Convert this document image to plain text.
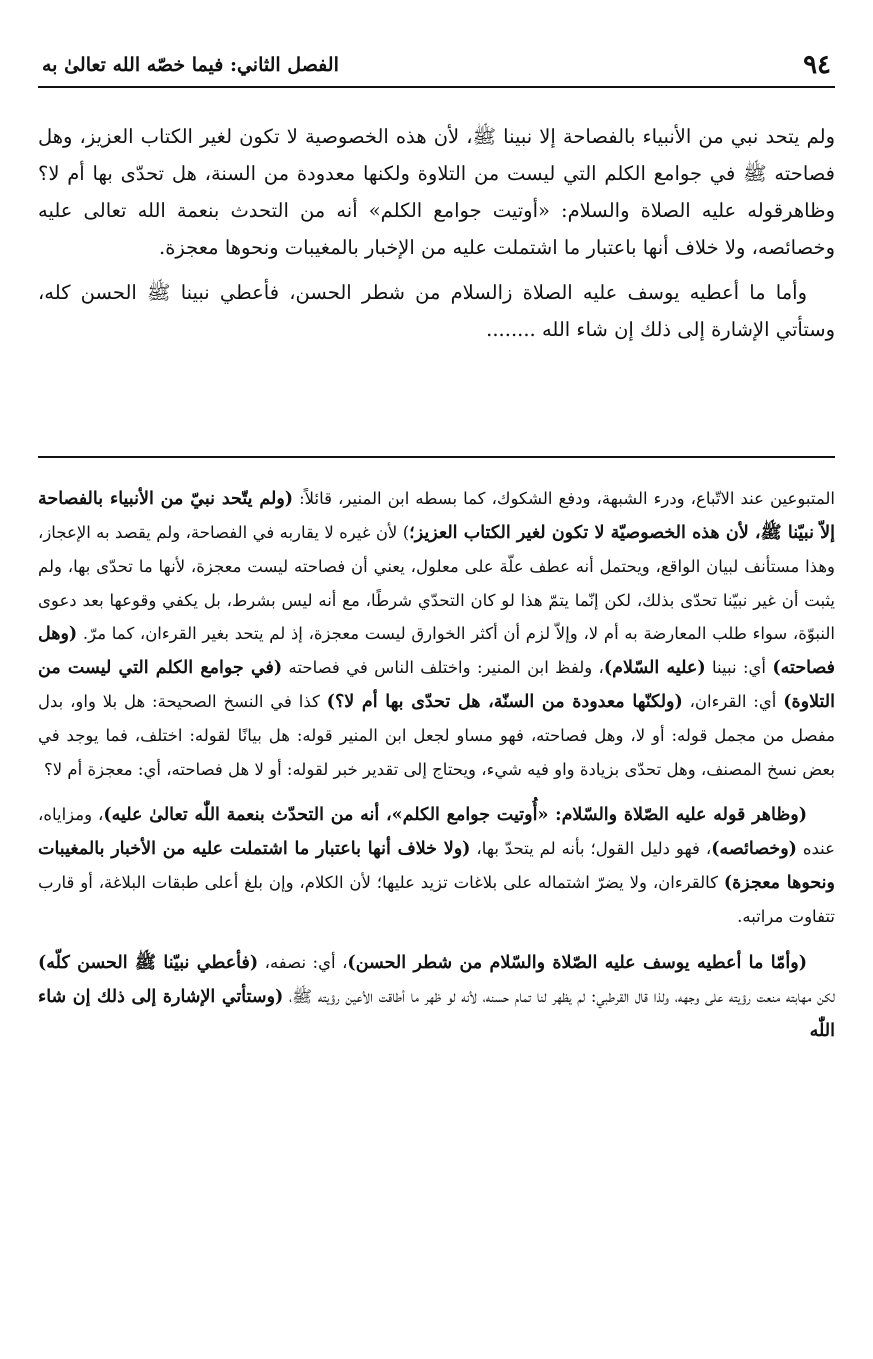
٩٤
الفصل الثاني: فيما خصّه الله تعالىٰ به

ولم يتحد نبي من الأنبياء بالفصاحة إلا نبينا ﷺ، لأن هذه الخصوصية لا تكون لغير الكتاب العزيز، وهل فصاحته ﷺ في جوامع الكلم التي ليست من التلاوة ولكنها معدودة من السنة، هل تحدّى بها أم لا؟ وظاهرقوله عليه الصلاة والسلام: «أوتيت جوامع الكلم» أنه من التحدث بنعمة الله تعالى عليه وخصائصه، ولا خلاف أنها باعتبار ما اشتملت عليه من الإخبار بالمغيبات ونحوها معجزة.

وأما ما أعطيه يوسف عليه الصلاة زالسلام من شطر الحسن، فأعطي نبينا ﷺ الحسن كله، وستأتي الإشارة إلى ذلك إن شاء الله ........

المتبوعين عند الاتّباع، ودرء الشبهة، ودفع الشكوك، كما بسطه ابن المنير، قائلاً: (ولم يتّحد نبيّ من الأنبياء بالفصاحة إلاّ نبيّنا ﷺ، لأن هذه الخصوصيّة لا تكون لغير الكتاب العزيز؛) لأن غيره لا يقاربه في الفصاحة، ولم يقصد به الإعجاز، وهذا مستأنف لبيان الواقع، ويحتمل أنه عطف علّة على معلول، يعني أن فصاحته ليست معجزة، لأنها ما تحدّى بها، ولم يثبت أن غير نبيّنا تحدّى بذلك، لكن إنّما يتمّ هذا لو كان التحدّي شرطًا، مع أنه ليس بشرط، بل يكفي وقوعها بعد دعوى النبوّة، سواء طلب المعارضة به أم لا، وإلاّ لزم أن أكثر الخوارق ليست معجزة، إذ لم يتحد بغير القرءان، كما مرّ. (وهل فصاحته) أي: نبينا (عليه السّلام)، ولفظ ابن المنير: واختلف الناس في فصاحته (في جوامع الكلم التي ليست من التلاوة) أي: القرءان، (ولكنّها معدودة من السنّة، هل تحدّى بها أم لا؟) كذا في النسخ الصحيحة: هل بلا واو، بدل مفصل من مجمل قوله: أو لا، وهل فصاحته، فهو مساو لجعل ابن المنير قوله: هل بيانًا لقوله: اختلف، فما يوجد في بعض نسخ المصنف، وهل تحدّى بزيادة واو فيه شيء، ويحتاج إلى تقدير خبر لقوله: أو لا هل فصاحته، أي: معجزة أم لا؟

(وظاهر قوله عليه الصّلاة والسّلام: «أُوتيت جوامع الكلم»، أنه من التحدّث بنعمة اللّٰه تعالىٰ عليه)، ومزاياه، عنده (وخصائصه)، فهو دليل القول؛ بأنه لم يتحدّ بها، (ولا خلاف أنها باعتبار ما اشتملت عليه من الأخبار بالمغيبات ونحوها معجزة) كالقرءان، ولا يضرّ اشتماله على بلاغات تزيد عليها؛ لأن الكلام، وإن بلغ أعلى طبقات البلاغة، أو قارب تتفاوت مراتبه.

(وأمّا ما أعطيه يوسف عليه الصّلاة والسّلام من شطر الحسن)، أي: نصفه، (فأعطي نبيّنا ﷺ الحسن كلّه) لكن مهابته منعت رؤيته على وجهه، ولذا قال القرطبي: لم يظهر لنا تمام حسنه، لأنه لو ظهر ما أطاقت الأعين رؤيته ﷺ، (وستأتي الإشارة إلى ذلك إن شاء اللّٰه
